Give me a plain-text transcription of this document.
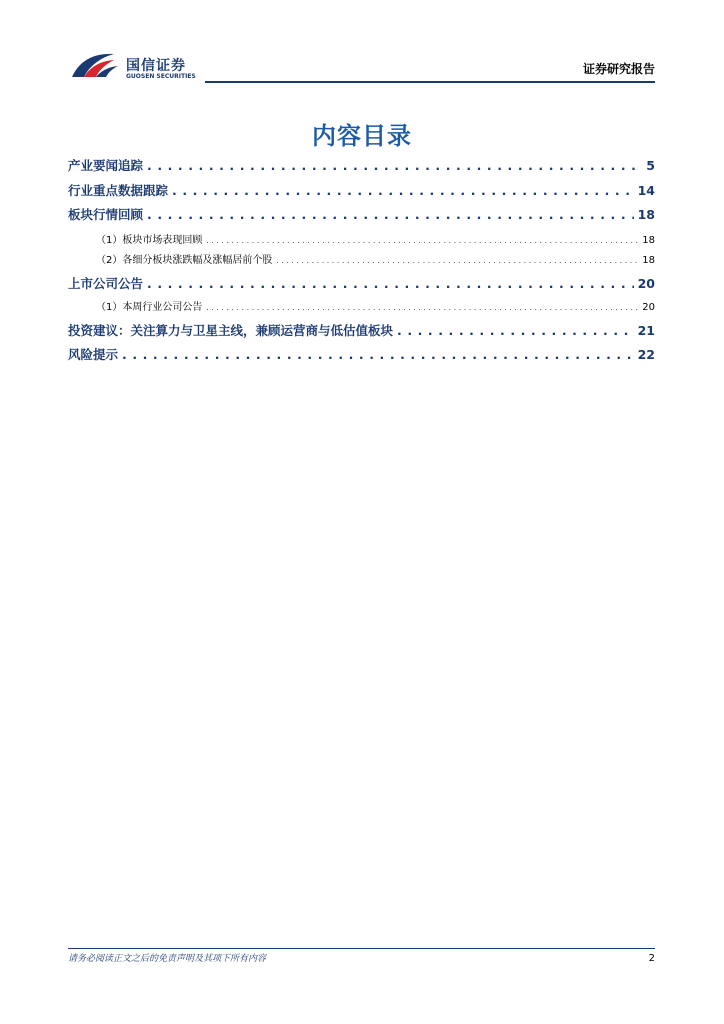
国信证券
GUOSEN SECURITIES
证券研究报告
内容目录
产业要闻追踪 . . .	5
行业重点数据跟踪 . . .	14
板块行情回顾 . . .	18
（1）板块市场表现回顾 . . .	18
（2）各细分板块涨跌幅及涨幅居前个股 . . .	18
上市公司公告 . . .	20
（1）本周行业公司公告 . . .	20
投资建议：关注算力与卫星主线，兼顾运营商与低估值板块 . . .	21
风险提示 . . .	22
请务必阅读正文之后的免责声明及其项下所有内容	2
